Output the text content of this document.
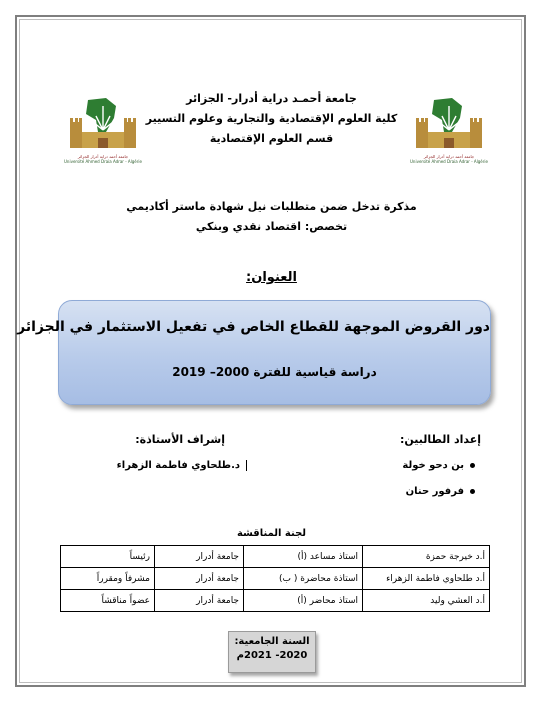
جامعة أحمد دراية أدرار الجزائر
Université Ahmed Draia Adrar - Algérie
جامعة أحمد دراية أدرار الجزائر
Université Ahmed Draia Adrar - Algérie
جامعة أحمـد دراية أدرار- الجزائر
كلية العلوم الإقتصادية والتجارية وعلوم التسيير
قسم العلوم الإقتصادية
مذكرة تدخل ضمن متطلبات نيل شهادة ماستر أكاديمي
تخصص: اقتصاد نقدي وبنكي
العنوان:
دور القروض الموجهة للقطاع الخاص في تفعيل الاستثمار في الجزائر
دراسة قياسية للفترة 2000– 2019
إعداد الطالبين:
بن دحو خولة
فرفور حنان
إشراف الأستاذة:
د.طلحاوي فاطمة الزهراء
لجنة المناقشة
أ.د خيرجة حمزة	استاذ مساعد (أ)	جامعة أدرار	رئيساً
أ.د طلحاوي فاطمة الزهراء	استاذة محاضرة ( ب)	جامعة أدرار	مشرفاً ومقرراً
أ.د العشي وليد	استاذ محاضر (أ)	جامعة أدرار	عضواً مناقشاً
السنة الجامعية:
2020- 2021م
